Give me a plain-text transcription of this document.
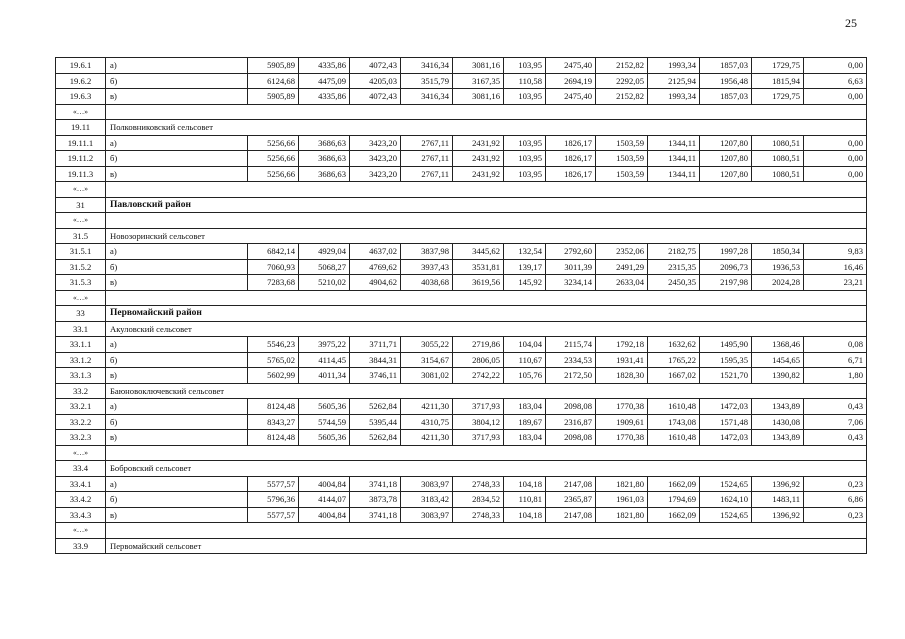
25
19.6.1	а)	5905,89	4335,86	4072,43	3416,34	3081,16	103,95	2475,40	2152,82	1993,34	1857,03	1729,75	0,00
19.6.2	б)	6124,68	4475,09	4205,03	3515,79	3167,35	110,58	2694,19	2292,05	2125,94	1956,48	1815,94	6,63
19.6.3	в)	5905,89	4335,86	4072,43	3416,34	3081,16	103,95	2475,40	2152,82	1993,34	1857,03	1729,75	0,00
«…»													
19.11	Полковниковский сельсовет												
19.11.1	а)	5256,66	3686,63	3423,20	2767,11	2431,92	103,95	1826,17	1503,59	1344,11	1207,80	1080,51	0,00
19.11.2	б)	5256,66	3686,63	3423,20	2767,11	2431,92	103,95	1826,17	1503,59	1344,11	1207,80	1080,51	0,00
19.11.3	в)	5256,66	3686,63	3423,20	2767,11	2431,92	103,95	1826,17	1503,59	1344,11	1207,80	1080,51	0,00
«…»													
31	Павловский район												
«…»													
31.5	Новозоринский сельсовет												
31.5.1	а)	6842,14	4929,04	4637,02	3837,98	3445,62	132,54	2792,60	2352,06	2182,75	1997,28	1850,34	9,83
31.5.2	б)	7060,93	5068,27	4769,62	3937,43	3531,81	139,17	3011,39	2491,29	2315,35	2096,73	1936,53	16,46
31.5.3	в)	7283,68	5210,02	4904,62	4038,68	3619,56	145,92	3234,14	2633,04	2450,35	2197,98	2024,28	23,21
«…»													
33	Первомайский район												
33.1	Акуловский сельсовет												
33.1.1	а)	5546,23	3975,22	3711,71	3055,22	2719,86	104,04	2115,74	1792,18	1632,62	1495,90	1368,46	0,08
33.1.2	б)	5765,02	4114,45	3844,31	3154,67	2806,05	110,67	2334,53	1931,41	1765,22	1595,35	1454,65	6,71
33.1.3	в)	5602,99	4011,34	3746,11	3081,02	2742,22	105,76	2172,50	1828,30	1667,02	1521,70	1390,82	1,80
33.2	Баюновоключевский сельсовет												
33.2.1	а)	8124,48	5605,36	5262,84	4211,30	3717,93	183,04	2098,08	1770,38	1610,48	1472,03	1343,89	0,43
33.2.2	б)	8343,27	5744,59	5395,44	4310,75	3804,12	189,67	2316,87	1909,61	1743,08	1571,48	1430,08	7,06
33.2.3	в)	8124,48	5605,36	5262,84	4211,30	3717,93	183,04	2098,08	1770,38	1610,48	1472,03	1343,89	0,43
«…»													
33.4	Бобровский сельсовет												
33.4.1	а)	5577,57	4004,84	3741,18	3083,97	2748,33	104,18	2147,08	1821,80	1662,09	1524,65	1396,92	0,23
33.4.2	б)	5796,36	4144,07	3873,78	3183,42	2834,52	110,81	2365,87	1961,03	1794,69	1624,10	1483,11	6,86
33.4.3	в)	5577,57	4004,84	3741,18	3083,97	2748,33	104,18	2147,08	1821,80	1662,09	1524,65	1396,92	0,23
«…»													
33.9	Первомайский сельсовет												
